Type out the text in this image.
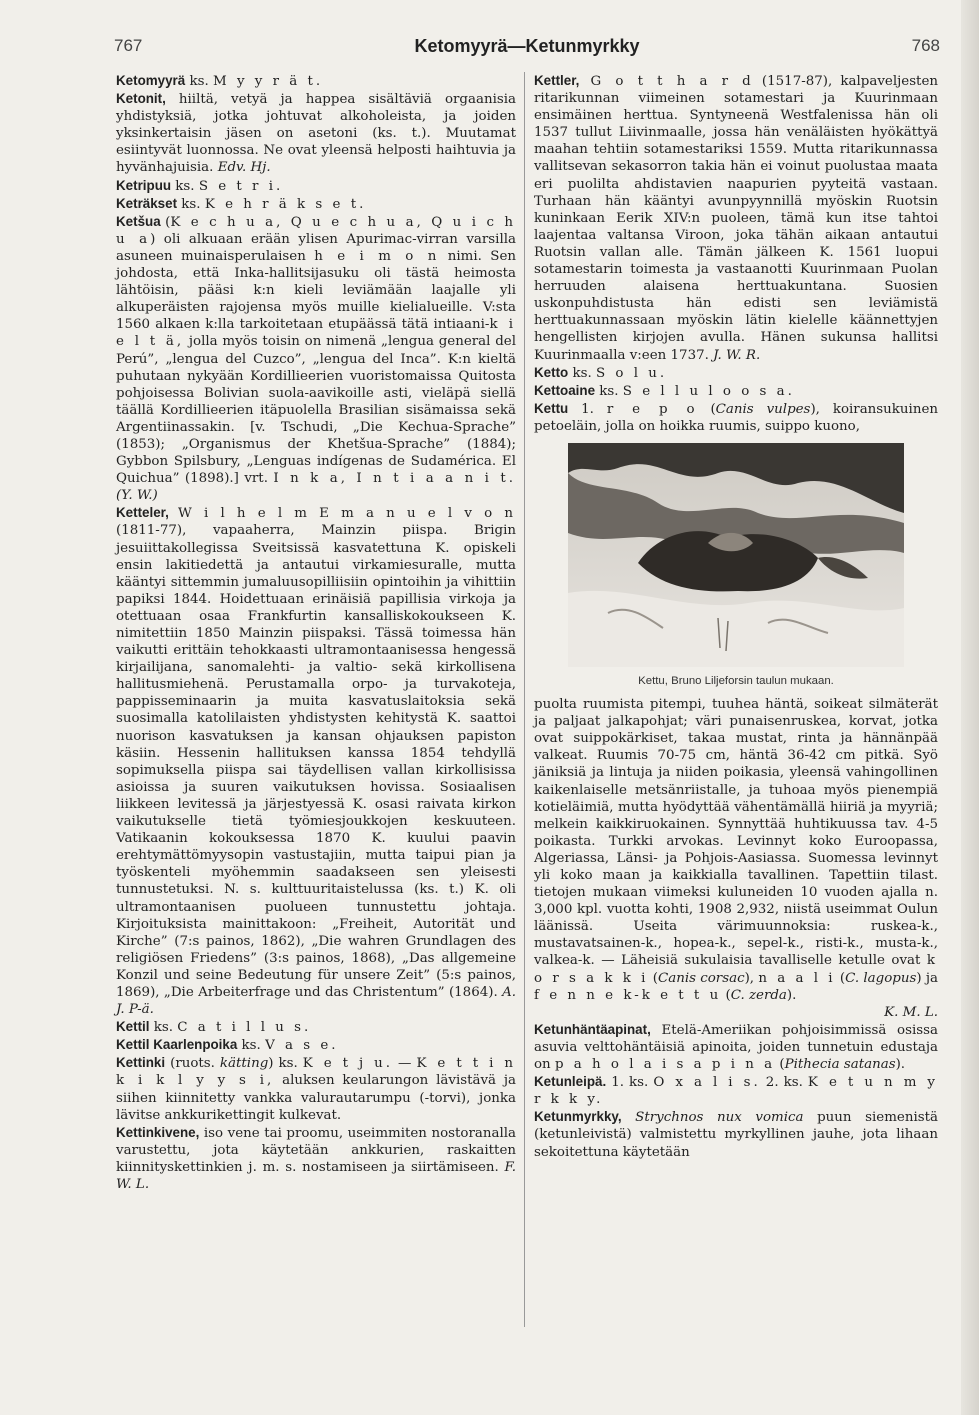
767	Ketomyyrä—Ketunmyrkky	768

Ketomyyrä ks. M y y r ä t.

Ketonit, hiiltä, vetyä ja happea sisältäviä orgaanisia yhdistyksiä, jotka johtuvat alkoholeista, ja joiden yksinkertaisin jäsen on asetoni (ks. t.). Muutamat esiintyvät luonnossa. Ne ovat yleensä helposti haihtuvia ja hyvänhajuisia. Edv. Hj.

Ketripuu ks. S e t r i.

Keträkset ks. K e h r ä k s e t.

Ketšua (K e c h u a, Q u e c h u a, Q u i c h u a) oli alkuaan erään ylisen Apurimac-virran varsilla asuneen muinaisperulaisen h e i m o n nimi. Sen johdosta, että Inka-hallitsijasuku oli tästä heimosta lähtöisin, pääsi k:n kieli leviämään laajalle yli alkuperäisten rajojensa myös muille kielialueille. V:sta 1560 alkaen k:lla tarkoitetaan etupäässä tätä intiaani-k i e l t ä, jolla myös toisin on nimenä „lengua general del Perú”, „lengua del Cuzco”, „lengua del Inca”. K:n kieltä puhutaan nykyään Kordillieerien vuoristomaissa Quitosta pohjoisessa Bolivian suola-aavikoille asti, vieläpä siellä täällä Kordillieerien itäpuolella Brasilian sisämaissa sekä Argentiinassakin. [v. Tschudi, „Die Kechua-Sprache” (1853); „Organismus der Khetšua-Sprache” (1884); Gybbon Spilsbury, „Lenguas indígenas de Sudamérica. El Quichua” (1898).] vrt. I n k a, I n t i a a n i t. (Y. W.)

Ketteler, W i l h e l m E m a n u e l v o n (1811-77), vapaaherra, Mainzin piispa. Brigin jesuiittakollegissa Sveitsissä kasvatettuna K. opiskeli ensin lakitiedettä ja antautui virkamiesuralle, mutta kääntyi sittemmin jumaluusopilliisiin opintoihin ja vihittiin papiksi 1844. Hoidettuaan erinäisiä papillisia virkoja ja otettuaan osaa Frankfurtin kansalliskokoukseen K. nimitettiin 1850 Mainzin piispaksi. Tässä toimessa hän vaikutti erittäin tehokkaasti ultramontaanisessa hengessä kirjailijana, sanomalehti- ja valtio- sekä kirkollisena hallitusmiehenä. Perustamalla orpo- ja turvakoteja, pappisseminaarin ja muita kasvatuslaitoksia sekä suosimalla katolilaisten yhdistysten kehitystä K. saattoi nuorison kasvatuksen ja kansan ohjauksen papiston käsiin. Hessenin hallituksen kanssa 1854 tehdyllä sopimuksella piispa sai täydellisen vallan kirkollisissa asioissa ja suuren vaikutuksen hovissa. Sosiaalisen liikkeen levitessä ja järjestyessä K. osasi raivata kirkon vaikutukselle tietä työmiesjoukkojen keskuuteen. Vatikaanin kokouksessa 1870 K. kuului paavin erehtymättömyysopin vastustajiin, mutta taipui pian ja työskenteli myöhemmin saadakseen sen yleisesti tunnustetuksi. N. s. kulttuuritaistelussa (ks. t.) K. oli ultramontaanisen puolueen tunnustettu johtaja. Kirjoituksista mainittakoon: „Freiheit, Autorität und Kirche” (7:s painos, 1862), „Die wahren Grundlagen des religiösen Friedens” (3:s painos, 1868), „Das allgemeine Konzil und seine Bedeutung für unsere Zeit” (5:s painos, 1869), „Die Arbeiterfrage und das Christentum” (1864). A. J. P-ä.

Kettil ks. C a t i l l u s.

Kettil Kaarlenpoika ks. V a s e.

Kettinki (ruots. kätting) ks. K e t j u. — K e t t i n k i k l y y s i, aluksen keularungon lävistävä ja siihen kiinnitetty vankka valurautarumpu (-torvi), jonka lävitse ankkurikettingit kulkevat.

Kettinkivene, iso vene tai proomu, useimmiten nostoranalla varustettu, jota käytetään ankkurien, raskaitten kiinnityskettinkien j. m. s. nostamiseen ja siirtämiseen. F. W. L.

Kettler, G o t t h a r d (1517-87), kalpaveljesten ritarikunnan viimeinen sotamestari ja Kuurinmaan ensimäinen herttua. Syntyneenä Westfalenissa hän oli 1537 tullut Liivinmaalle, jossa hän venäläisten hyökättyä maahan tehtiin sotamestariksi 1559. Mutta ritarikunnassa vallitsevan sekasorron takia hän ei voinut puolustaa maata eri puolilta ahdistavien naapurien pyyteitä vastaan. Turhaan hän kääntyi avunpyynnillä myöskin Ruotsin kuninkaan Eerik XIV:n puoleen, tämä kun itse tahtoi laajentaa valtansa Viroon, joka tähän aikaan antautui Ruotsin vallan alle. Tämän jälkeen K. 1561 luopui sotamestarin toimesta ja vastaanotti Kuurinmaan Puolan herruuden alaisena herttuakuntana. Suosien uskonpuhdistusta hän edisti sen leviämistä herttuakunnassaan myöskin lätin kielelle käännettyjen hengellisten kirjojen avulla. Hänen sukunsa hallitsi Kuurinmaalla v:een 1737. J. W. R.

Ketto ks. S o l u.

Kettoaine ks. S e l l u l o o s a.

Kettu 1. r e p o (Canis vulpes), koiransukuinen petoeläin, jolla on hoikka ruumis, suippo kuono,

Kettu, Bruno Liljeforsin taulun mukaan.

puolta ruumista pitempi, tuuhea häntä, soikeat silmäterät ja paljaat jalkapohjat; väri punaisenruskea, korvat, jotka ovat suippokärkiset, takaa mustat, rinta ja hännänpää valkeat. Ruumis 70-75 cm, häntä 36-42 cm pitkä. Syö jäniksiä ja lintuja ja niiden poikasia, yleensä vahingollinen kaikenlaiselle metsänriistalle, ja tuhoaa myös pienempiä kotieläimiä, mutta hyödyttää vähentämällä hiiriä ja myyriä; melkein kaikkiruokainen. Synnyttää huhtikuussa tav. 4-5 poikasta. Turkki arvokas. Levinnyt koko Euroopassa, Algeriassa, Länsi- ja Pohjois-Aasiassa. Suomessa levinnyt yli koko maan ja kaikkialla tavallinen. Tapettiin tilast. tietojen mukaan viimeksi kuluneiden 10 vuoden ajalla n. 3,000 kpl. vuotta kohti, 1908 2,932, niistä useimmat Oulun läänissä. Useita värimuunnoksia: ruskea-k., mustavatsainen-k., hopea-k., sepel-k., risti-k., musta-k., valkea-k. — Läheisiä sukulaisia tavalliselle ketulle ovat k o r s a k k i (Canis corsac), n a a l i (C. lagopus) ja f e n n e k-k e t t u (C. zerda).
K. M. L.

Ketunhäntäapinat, Etelä-Ameriikan pohjoisimmissä osissa asuvia velttohäntäisiä apinoita, joiden tunnetuin edustaja on p a h o l a i s a p i n a (Pithecia satanas).

Ketunleipä. 1. ks. O x a l i s. 2. ks. K e t u n m y r k k y.

Ketunmyrkky, Strychnos nux vomica puun siemenistä (ketunleivistä) valmistettu myrkyllinen jauhe, jota lihaan sekoitettuna käytetään
